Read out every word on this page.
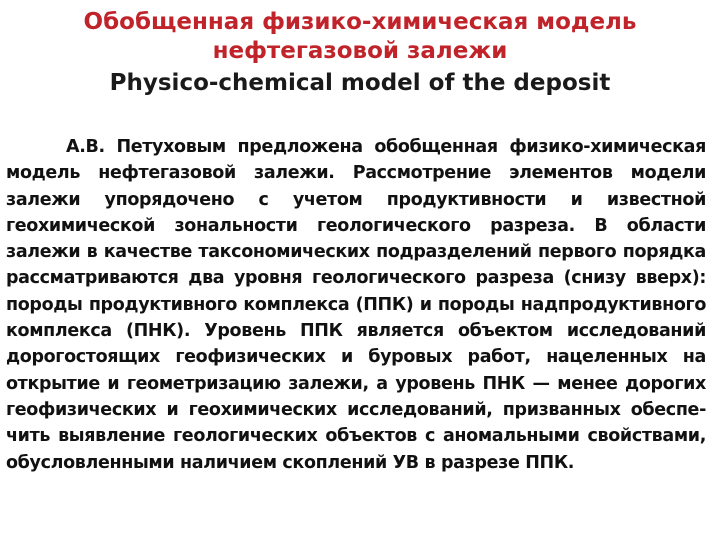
Обобщенная физико-химическая модель нефтегазовой залежи
Physico-chemical model of the deposit
А.В. Петуховым предложена обобщенная физико-химическая модель нефтегазовой залежи. Рассмотрение элементов модели залежи упорядочено с учетом продуктивности и известной геохимической зональности геологического разреза. В области залежи в качестве таксономических подразделений первого порядка рассматриваются два уровня геологического разреза (снизу вверх): породы продуктивного комплекса (ППК) и породы надпродуктивного комплекса (ПНК). Уровень ППК является объектом исследований дорогостоящих геофизических и буровых работ, нацеленных на открытие и геометризацию залежи, а уровень ПНК — менее дорогих геофизических и геохимических исследований, призванных обеспе-чить выявление геологических объектов с аномальными свойствами, обусловленными наличием скоплений УВ в разрезе ППК.
